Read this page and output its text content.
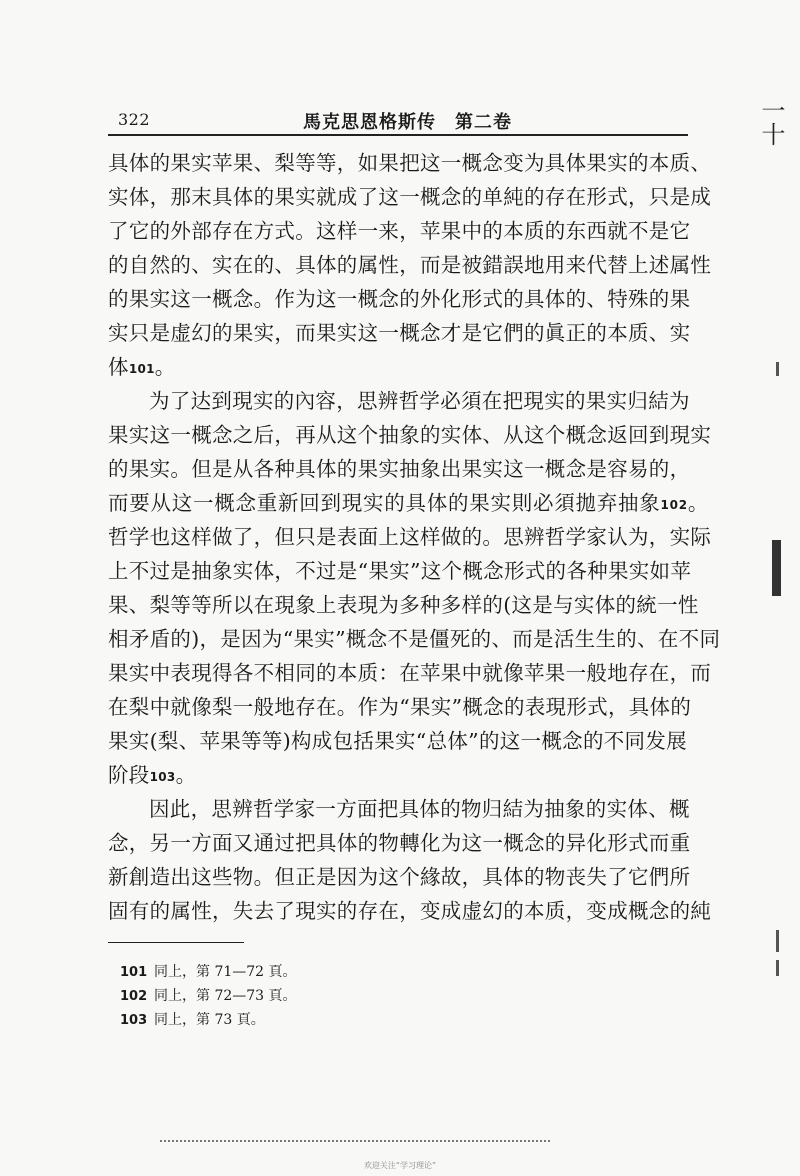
322	馬克思恩格斯传　第二卷	一十
具体的果实苹果、梨等等，如果把这一概念变为具体果实的本质、
实体，那末具体的果实就成了这一概念的单純的存在形式，只是成
了它的外部存在方式。这样一来，苹果中的本质的东西就不是它
的自然的、实在的、具体的属性，而是被錯誤地用来代替上述属性
的果实这一概念。作为这一概念的外化形式的具体的、特殊的果
实只是虚幻的果实，而果实这一概念才是它們的眞正的本质、实
体$^{101}$。
为了达到現实的內容，思辨哲学必須在把現实的果实归結为
果实这一概念之后，再从这个抽象的实体、从这个概念返回到現实
的果实。但是从各种具体的果实抽象出果实这一概念是容易的，
而要从这一概念重新回到現实的具体的果实則必須拋弃抽象$^{102}$。
哲学也这样做了，但只是表面上这样做的。思辨哲学家认为，实际
上不过是抽象实体，不过是“果实”这个概念形式的各种果实如苹
果、梨等等所以在現象上表現为多种多样的(这是与实体的統一性
相矛盾的)，是因为“果实”概念不是僵死的、而是活生生的、在不同
果实中表現得各不相同的本质：在苹果中就像苹果一般地存在，而
在梨中就像梨一般地存在。作为“果实”概念的表現形式，具体的
果实(梨、苹果等等)构成包括果实“总体”的这一概念的不同发展
阶段$^{103}$。
因此，思辨哲学家一方面把具体的物归結为抽象的实体、概
念，另一方面又通过把具体的物轉化为这一概念的异化形式而重
新創造出这些物。但正是因为这个緣故，具体的物丧失了它們所
固有的属性，失去了現实的存在，变成虚幻的本质，变成概念的純
101 同上，第 71—72 頁。
102 同上，第 72—73 頁。
103 同上，第 73 頁。
欢迎关注“学习理论”
